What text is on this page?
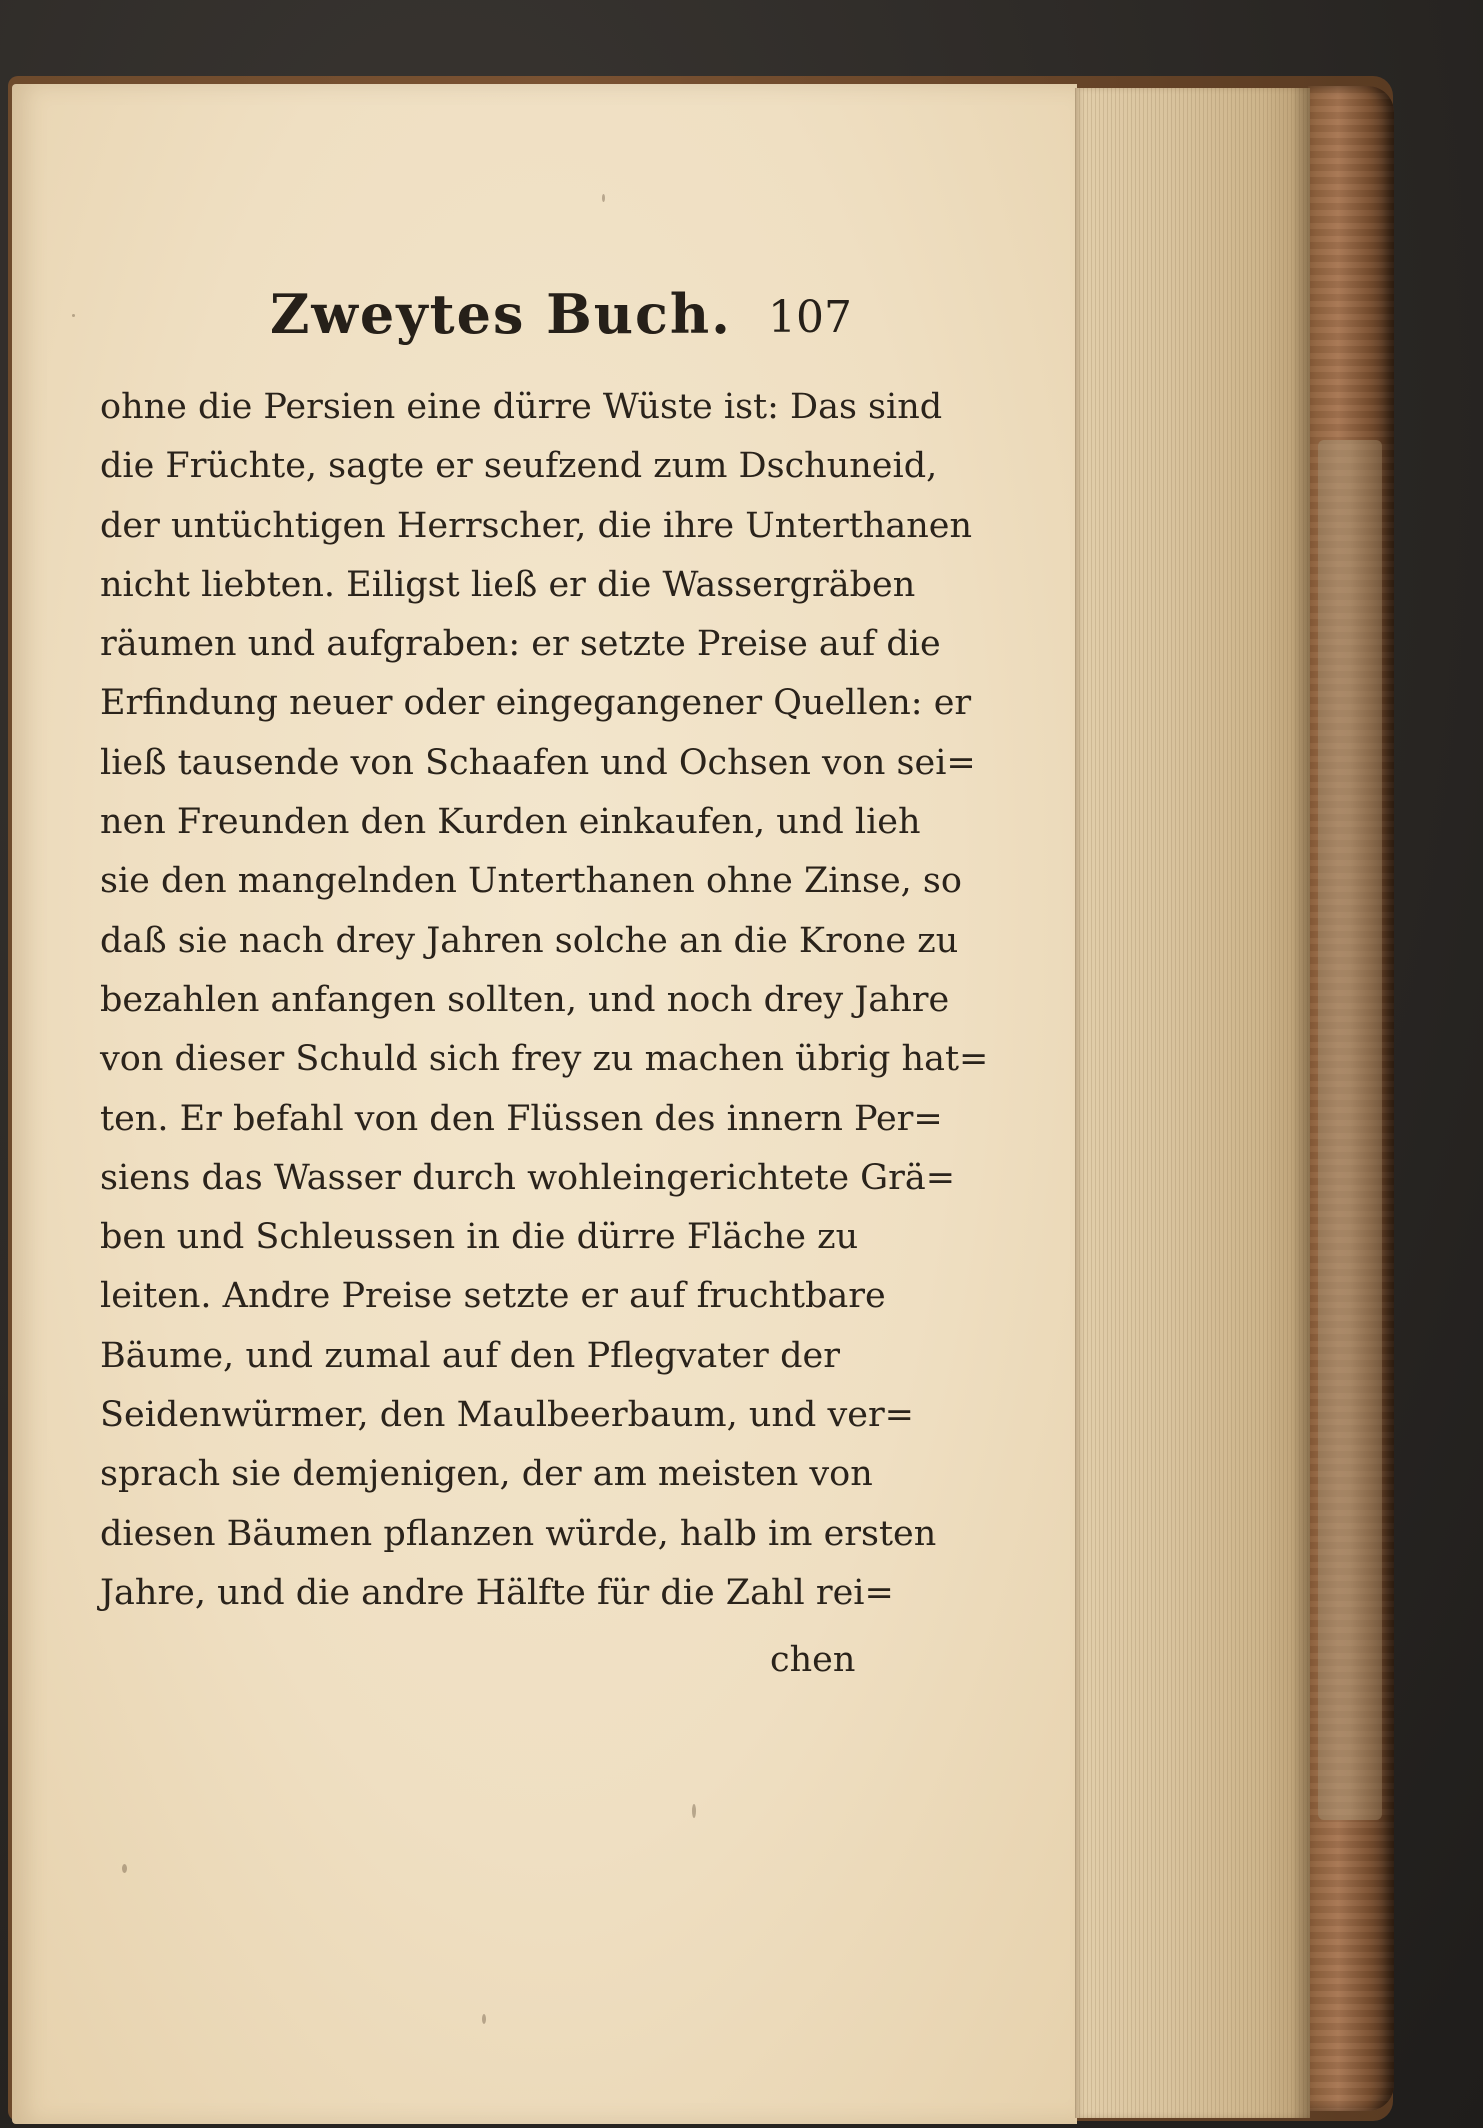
Zweytes Buch. 107
ohne die Persien eine dürre Wüste ist: Das sind
die Früchte, sagte er seufzend zum Dschuneid,
der untüchtigen Herrscher, die ihre Unterthanen
nicht liebten. Eiligst ließ er die Wassergräben
räumen und aufgraben: er setzte Preise auf die
Erfindung neuer oder eingegangener Quellen: er
ließ tausende von Schaafen und Ochsen von sei=
nen Freunden den Kurden einkaufen, und lieh
sie den mangelnden Unterthanen ohne Zinse, so
daß sie nach drey Jahren solche an die Krone zu
bezahlen anfangen sollten, und noch drey Jahre
von dieser Schuld sich frey zu machen übrig hat=
ten. Er befahl von den Flüssen des innern Per=
siens das Wasser durch wohleingerichtete Grä=
ben und Schleussen in die dürre Fläche zu
leiten. Andre Preise setzte er auf fruchtbare
Bäume, und zumal auf den Pflegvater der
Seidenwürmer, den Maulbeerbaum, und ver=
sprach sie demjenigen, der am meisten von
diesen Bäumen pflanzen würde, halb im ersten
Jahre, und die andre Hälfte für die Zahl rei=
chen
